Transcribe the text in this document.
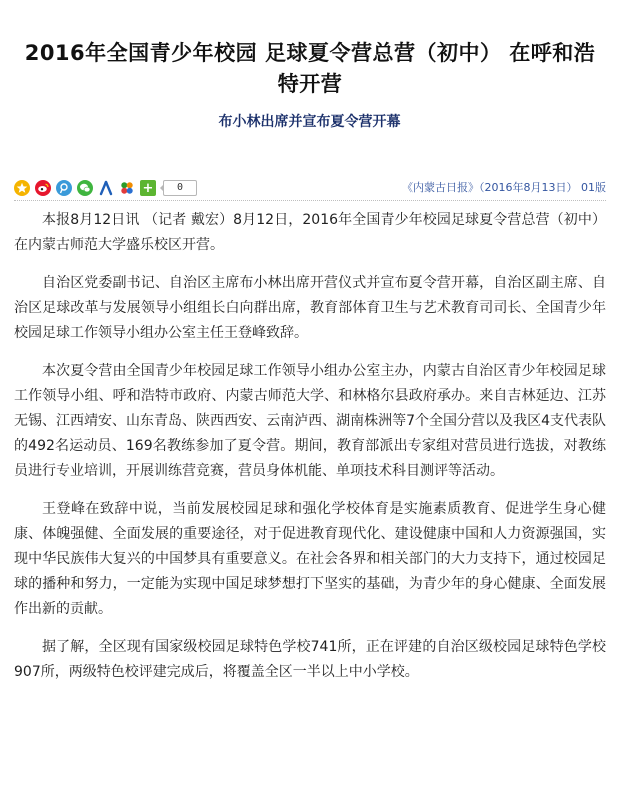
2016年全国青少年校园 足球夏令营总营（初中） 在呼和浩特开营
布小林出席并宣布夏令营开幕
+	0	《内蒙古日报》（2016年8月13日） 01版

本报8月12日讯 （记者 戴宏）8月12日，2016年全国青少年校园足球夏令营总营（初中）在内蒙古师范大学盛乐校区开营。

自治区党委副书记、自治区主席布小林出席开营仪式并宣布夏令营开幕，自治区副主席、自治区足球改革与发展领导小组组长白向群出席，教育部体育卫生与艺术教育司司长、全国青少年校园足球工作领导小组办公室主任王登峰致辞。

本次夏令营由全国青少年校园足球工作领导小组办公室主办，内蒙古自治区青少年校园足球工作领导小组、呼和浩特市政府、内蒙古师范大学、和林格尔县政府承办。来自吉林延边、江苏无锡、江西靖安、山东青岛、陕西西安、云南泸西、湖南株洲等7个全国分营以及我区4支代表队的492名运动员、169名教练参加了夏令营。期间，教育部派出专家组对营员进行选拔，对教练员进行专业培训，开展训练营竞赛，营员身体机能、单项技术科目测评等活动。

王登峰在致辞中说，当前发展校园足球和强化学校体育是实施素质教育、促进学生身心健康、体魄强健、全面发展的重要途径，对于促进教育现代化、建设健康中国和人力资源强国，实现中华民族伟大复兴的中国梦具有重要意义。在社会各界和相关部门的大力支持下，通过校园足球的播种和努力，一定能为实现中国足球梦想打下坚实的基础，为青少年的身心健康、全面发展作出新的贡献。

据了解，全区现有国家级校园足球特色学校741所，正在评建的自治区级校园足球特色学校907所，两级特色校评建完成后，将覆盖全区一半以上中小学校。
